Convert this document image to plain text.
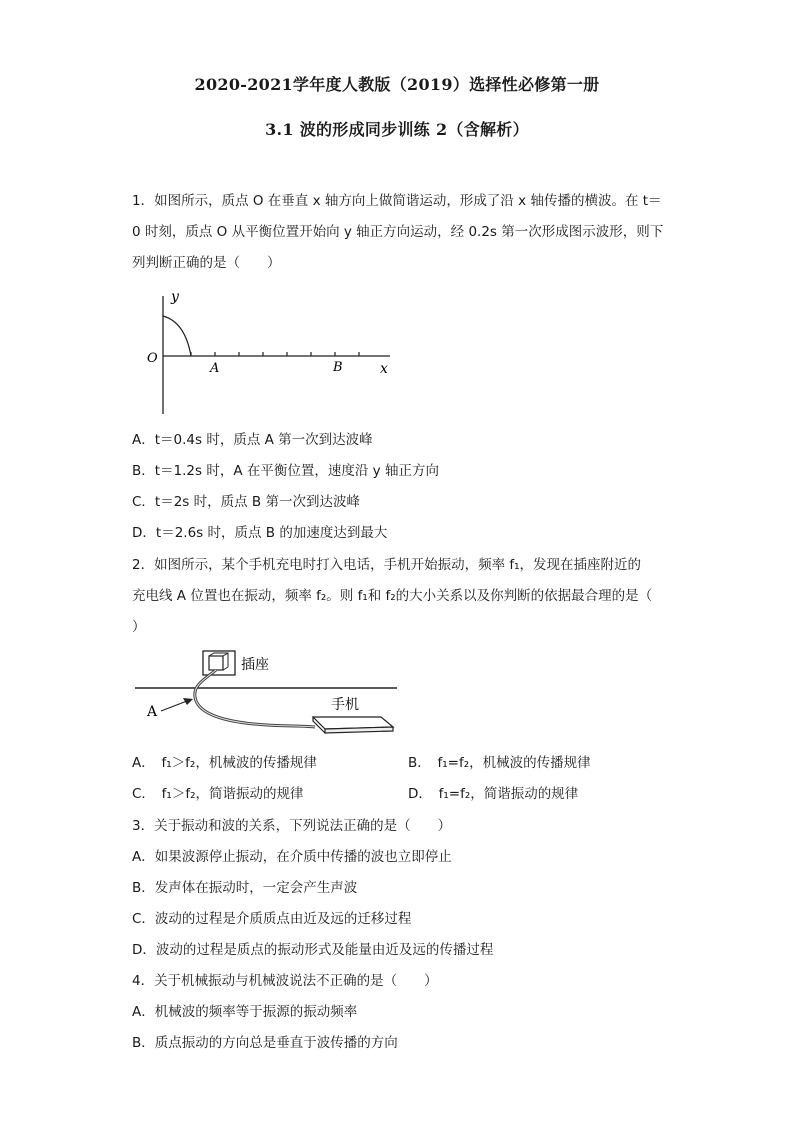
2020-2021学年度人教版（2019）选择性必修第一册
3.1 波的形成同步训练 2（含解析）
1．如图所示，质点 O 在垂直 x 轴方向上做简谐运动，形成了沿 x 轴传播的横波。在 t＝
0 时刻，质点 O 从平衡位置开始向 y 轴正方向运动，经 0.2s 第一次形成图示波形，则下
列判断正确的是（　　）
y
x
O
A	B
A．t＝0.4s 时，质点 A 第一次到达波峰
B．t＝1.2s 时，A 在平衡位置，速度沿 y 轴正方向
C．t＝2s 时，质点 B 第一次到达波峰
D．t＝2.6s 时，质点 B 的加速度达到最大
2．如图所示，某个手机充电时打入电话，手机开始振动，频率 f₁，发现在插座附近的
充电线 A 位置也在振动，频率 f₂。则 f₁和 f₂的大小关系以及你判断的依据最合理的是（
）
插座
手机
A
A．　f₁＞f₂，机械波的传播规律	B．　f₁=f₂，机械波的传播规律
C．　f₁＞f₂，简谐振动的规律	D．　f₁=f₂，简谐振动的规律
3．关于振动和波的关系，下列说法正确的是（　　）
A．如果波源停止振动，在介质中传播的波也立即停止
B．发声体在振动时，一定会产生声波
C．波动的过程是介质质点由近及远的迁移过程
D．波动的过程是质点的振动形式及能量由近及远的传播过程
4．关于机械振动与机械波说法不正确的是（　　）
A．机械波的频率等于振源的振动频率
B．质点振动的方向总是垂直于波传播的方向
